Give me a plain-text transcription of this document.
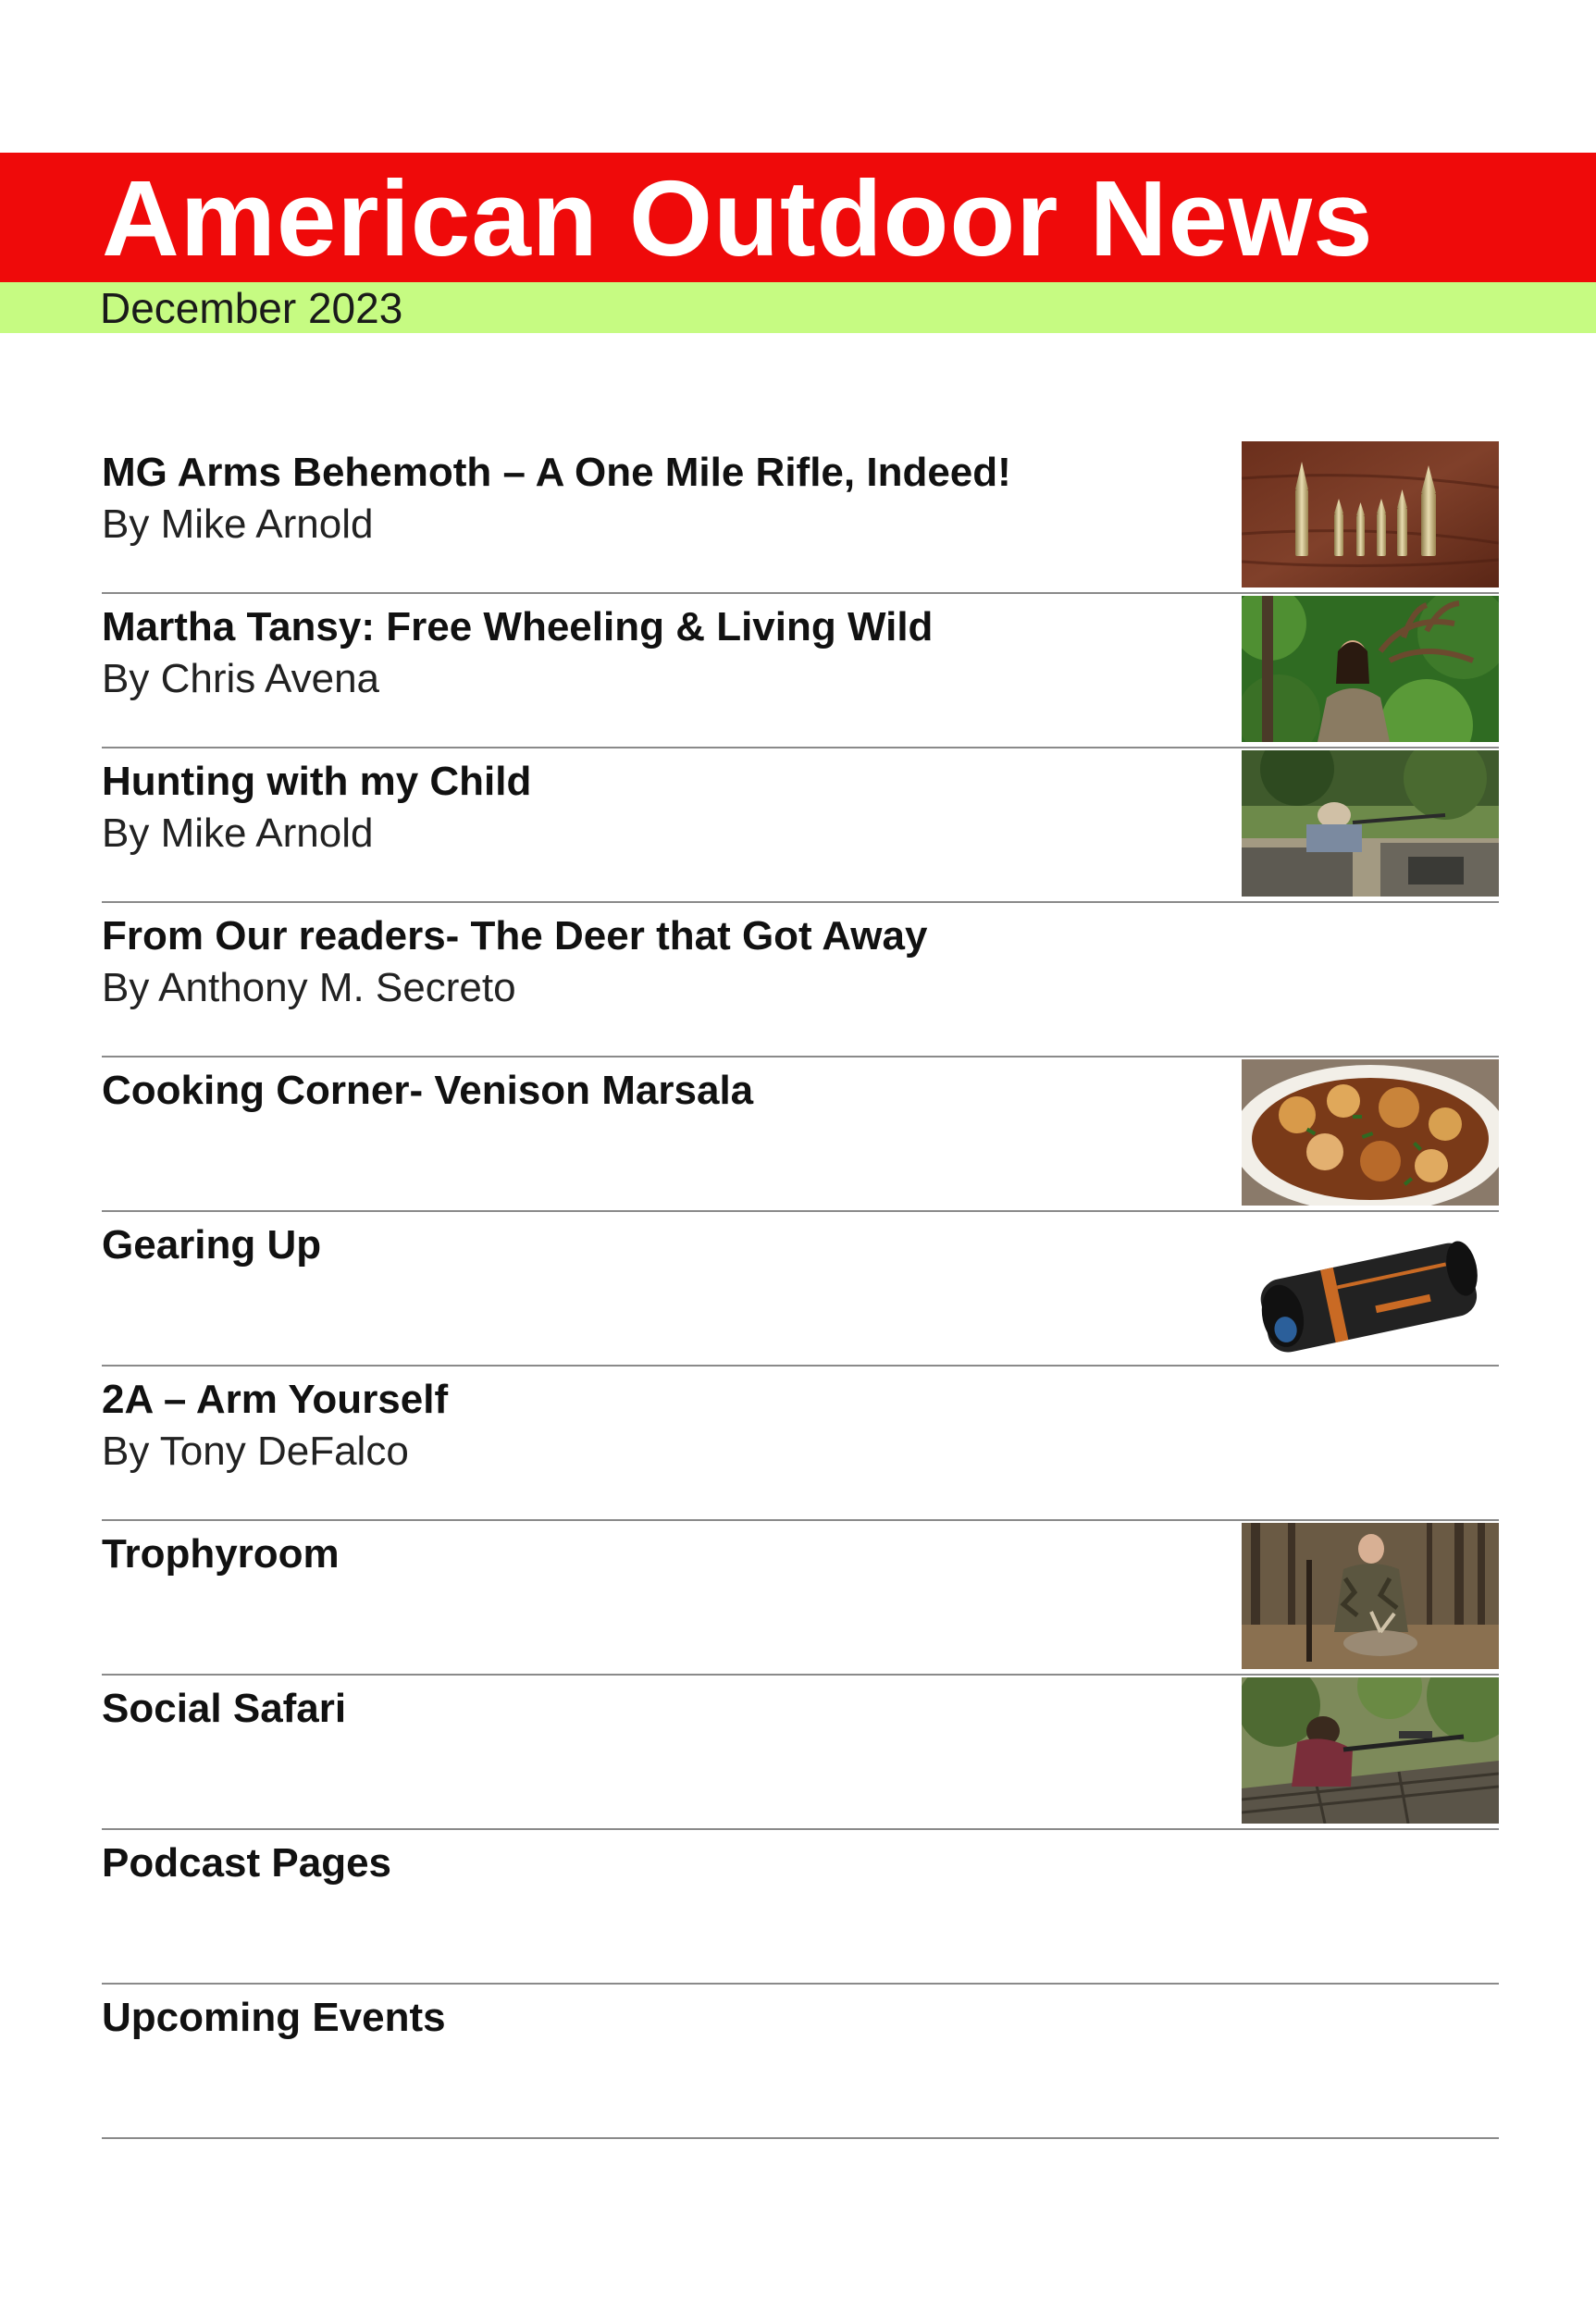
American Outdoor News
December 2023
MG Arms Behemoth – A One Mile Rifle, Indeed!
By Mike Arnold
Martha Tansy: Free Wheeling & Living Wild
By Chris Avena
Hunting with my Child
By Mike Arnold
From Our readers- The Deer that Got Away
By Anthony M. Secreto
Cooking Corner- Venison Marsala
Gearing Up
2A – Arm Yourself
By Tony DeFalco
Trophyroom
Social Safari
Podcast Pages
Upcoming Events
